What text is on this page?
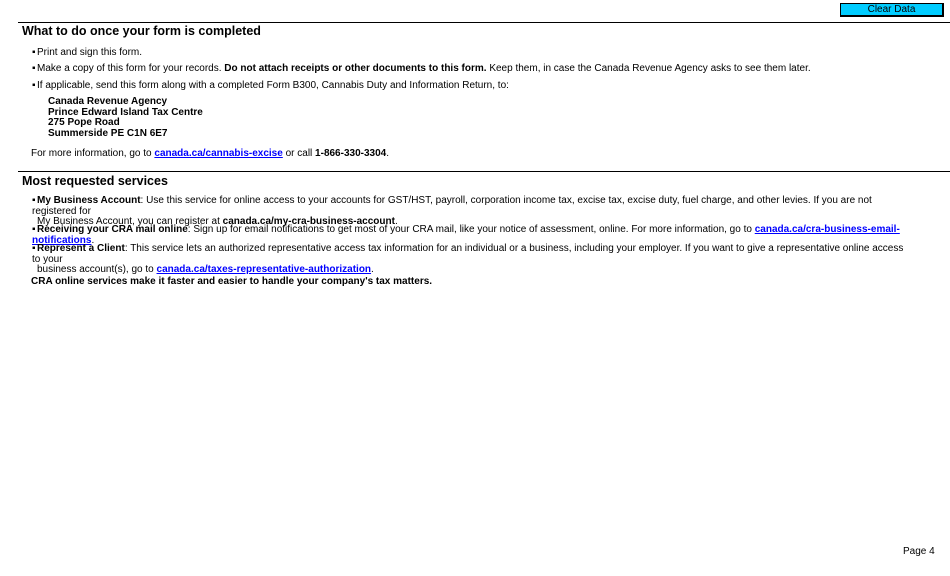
Clear Data
What to do once your form is completed
▪Print and sign this form.
▪Make a copy of this form for your records. Do not attach receipts or other documents to this form. Keep them, in case the Canada Revenue Agency asks to see them later.
▪If applicable, send this form along with a completed Form B300, Cannabis Duty and Information Return, to:
Canada Revenue Agency
Prince Edward Island Tax Centre
275 Pope Road
Summerside PE C1N 6E7
For more information, go to canada.ca/cannabis-excise or call 1-866-330-3304.
Most requested services
▪My Business Account: Use this service for online access to your accounts for GST/HST, payroll, corporation income tax, excise tax, excise duty, fuel charge, and other levies. If you are not registered for
My Business Account, you can register at canada.ca/my-cra-business-account.
▪Receiving your CRA mail online: Sign up for email notifications to get most of your CRA mail, like your notice of assessment, online. For more information, go to canada.ca/cra-business-email-notifications.
▪Represent a Client: This service lets an authorized representative access tax information for an individual or a business, including your employer. If you want to give a representative online access to your
business account(s), go to canada.ca/taxes-representative-authorization.
CRA online services make it faster and easier to handle your company's tax matters.
Page 4
